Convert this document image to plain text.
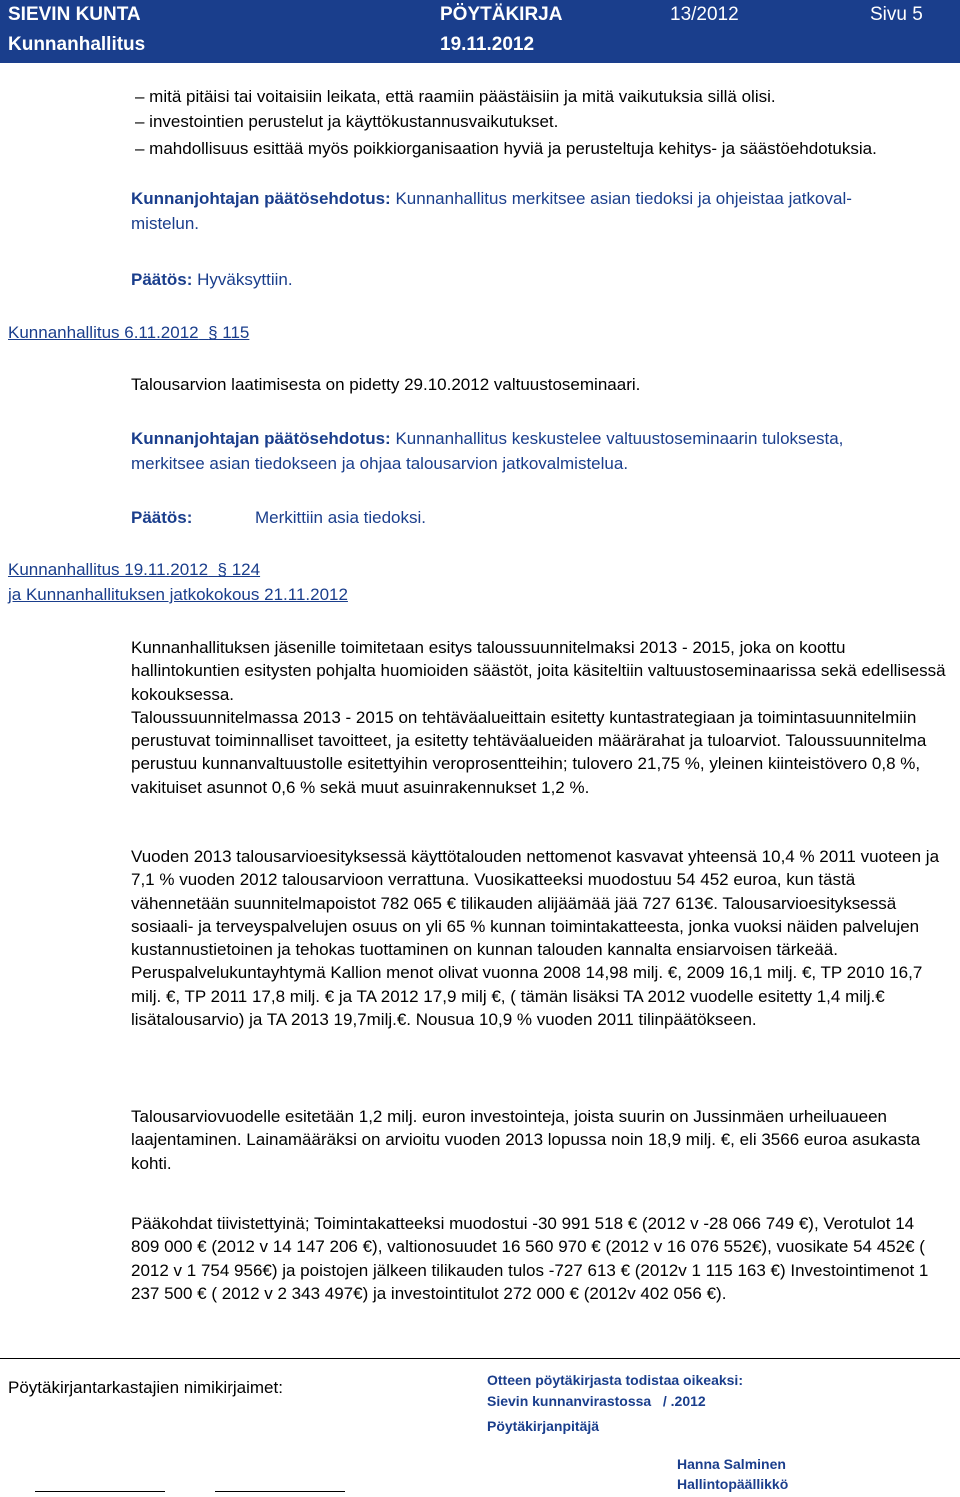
SIEVIN KUNTA	PÖYTÄKIRJA	13/2012	Sivu 5
Kunnanhallitus	19.11.2012
– mitä pitäisi tai voitaisiin leikata, että raamiin päästäisiin ja mitä vaikutuksia sillä olisi.
– investointien perustelut ja käyttökustannusvaikutukset.
– mahdollisuus esittää myös poikkiorganisaation hyviä ja perusteltuja kehitys- ja säästöehdotuksia.
Kunnanjohtajan päätösehdotus: Kunnanhallitus merkitsee asian tiedoksi ja ohjeistaa jatkoval-
mistelun.
Päätös: Hyväksyttiin.
Kunnanhallitus 6.11.2012 § 115
Talousarvion laatimisesta on pidetty 29.10.2012 valtuustoseminaari.
Kunnanjohtajan päätösehdotus: Kunnanhallitus keskustelee valtuustoseminaarin tuloksesta,
merkitsee asian tiedokseen ja ohjaa talousarvion jatkovalmistelua.
Päätös:	Merkittiin asia tiedoksi.
Kunnanhallitus 19.11.2012 § 124
ja Kunnanhallituksen jatkokokous 21.11.2012

Kunnanhallituksen jäsenille toimitetaan esitys taloussuunnitelmaksi 2013 - 2015, joka on koottu hallintokuntien esitysten pohjalta huomioiden säästöt, joita käsiteltiin valtuustoseminaarissa sekä edellisessä kokouksessa.

Taloussuunnitelmassa 2013 - 2015 on tehtäväalueittain esitetty kuntastrategiaan ja toimintasuunnitelmiin perustuvat toiminnalliset tavoitteet, ja esitetty tehtäväalueiden määrärahat ja tuloarviot. Taloussuunnitelma perustuu kunnanvaltuustolle esitettyihin veroprosentteihin; tulovero 21,75 %, yleinen kiinteistövero 0,8 %, vakituiset asunnot 0,6 % sekä muut asuinrakennukset 1,2 %.

Vuoden 2013 talousarvioesityksessä käyttötalouden nettomenot kasvavat yhteensä 10,4 % 2011 vuoteen ja 7,1 % vuoden 2012 talousarvioon verrattuna. Vuosikatteeksi muodostuu 54 452 euroa, kun tästä vähennetään suunnitelmapoistot 782 065 € tilikauden alijäämää jää 727 613€. Talousarvioesityksessä sosiaali- ja terveyspalvelujen osuus on yli 65 % kunnan toimintakatteesta, jonka vuoksi näiden palvelujen kustannustietoinen ja tehokas tuottaminen on kunnan talouden kannalta ensiarvoisen tärkeää. Peruspalvelukuntayhtymä Kallion menot olivat vuonna 2008 14,98 milj. €, 2009 16,1 milj. €, TP 2010 16,7 milj. €, TP 2011 17,8 milj. € ja TA 2012 17,9 milj €, ( tämän lisäksi TA 2012 vuodelle esitetty 1,4 milj.€ lisätalousarvio) ja TA 2013 19,7milj.€. Nousua 10,9 % vuoden 2011 tilinpäätökseen.

Talousarviovuodelle esitetään 1,2 milj. euron investointeja, joista suurin on Jussinmäen urheiluaueen laajentaminen. Lainamääräksi on arvioitu vuoden 2013 lopussa noin 18,9 milj. €, eli 3566 euroa asukasta kohti.

Pääkohdat tiivistettyinä; Toimintakatteeksi muodostui -30 991 518 € (2012 v -28 066 749 €), Verotulot 14 809 000 € (2012 v 14 147 206 €), valtionosuudet 16 560 970 € (2012 v 16 076 552€), vuosikate 54 452€ ( 2012 v 1 754 956€) ja poistojen jälkeen tilikauden tulos -727 613 € (2012v 1 115 163 €) Investointimenot 1 237 500 € ( 2012 v 2 343 497€) ja investointitulot 272 000 € (2012v 402 056 €).

Pöytäkirjantarkastajien nimikirjaimet:	Otteen pöytäkirjasta todistaa oikeaksi:
Sievin kunnanvirastossa / .2012
Pöytäkirjanpitäjä
Hanna Salminen
Hallintopäällikkö
